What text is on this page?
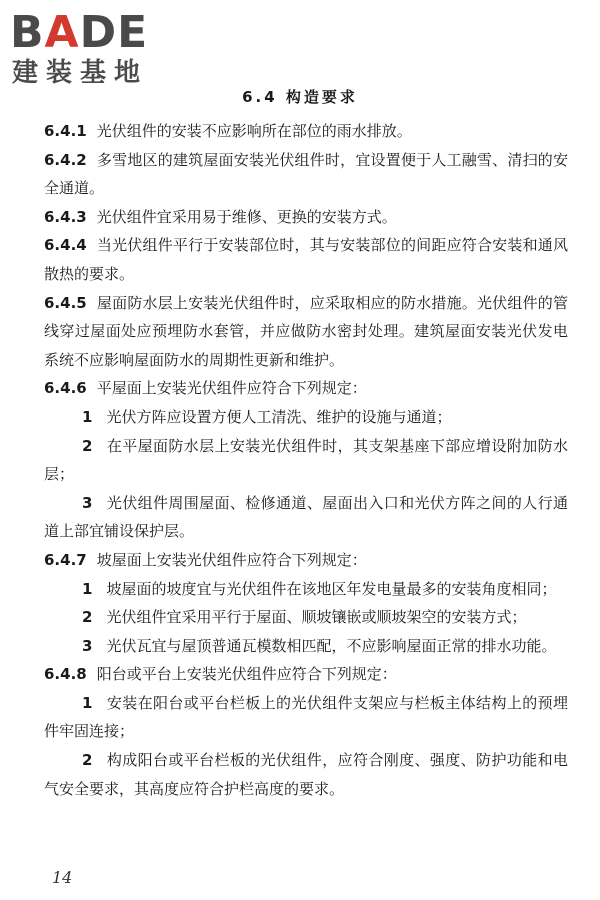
BADE
建装基地
6.4 构造要求

6.4.1 光伏组件的安装不应影响所在部位的雨水排放。

6.4.2 多雪地区的建筑屋面安装光伏组件时，宜设置便于人工融雪、清扫的安全通道。

6.4.3 光伏组件宜采用易于维修、更换的安装方式。

6.4.4 当光伏组件平行于安装部位时，其与安装部位的间距应符合安装和通风散热的要求。

6.4.5 屋面防水层上安装光伏组件时，应采取相应的防水措施。光伏组件的管线穿过屋面处应预埋防水套管，并应做防水密封处理。建筑屋面安装光伏发电系统不应影响屋面防水的周期性更新和维护。

6.4.6 平屋面上安装光伏组件应符合下列规定：

1 光伏方阵应设置方便人工清洗、维护的设施与通道；

2 在平屋面防水层上安装光伏组件时，其支架基座下部应增设附加防水层；

3 光伏组件周围屋面、检修通道、屋面出入口和光伏方阵之间的人行通道上部宜铺设保护层。

6.4.7 坡屋面上安装光伏组件应符合下列规定：

1 坡屋面的坡度宜与光伏组件在该地区年发电量最多的安装角度相同；

2 光伏组件宜采用平行于屋面、顺坡镶嵌或顺坡架空的安装方式；

3 光伏瓦宜与屋顶普通瓦模数相匹配，不应影响屋面正常的排水功能。

6.4.8 阳台或平台上安装光伏组件应符合下列规定：

1 安装在阳台或平台栏板上的光伏组件支架应与栏板主体结构上的预埋件牢固连接；

2 构成阳台或平台栏板的光伏组件，应符合刚度、强度、防护功能和电气安全要求，其高度应符合护栏高度的要求。

14
